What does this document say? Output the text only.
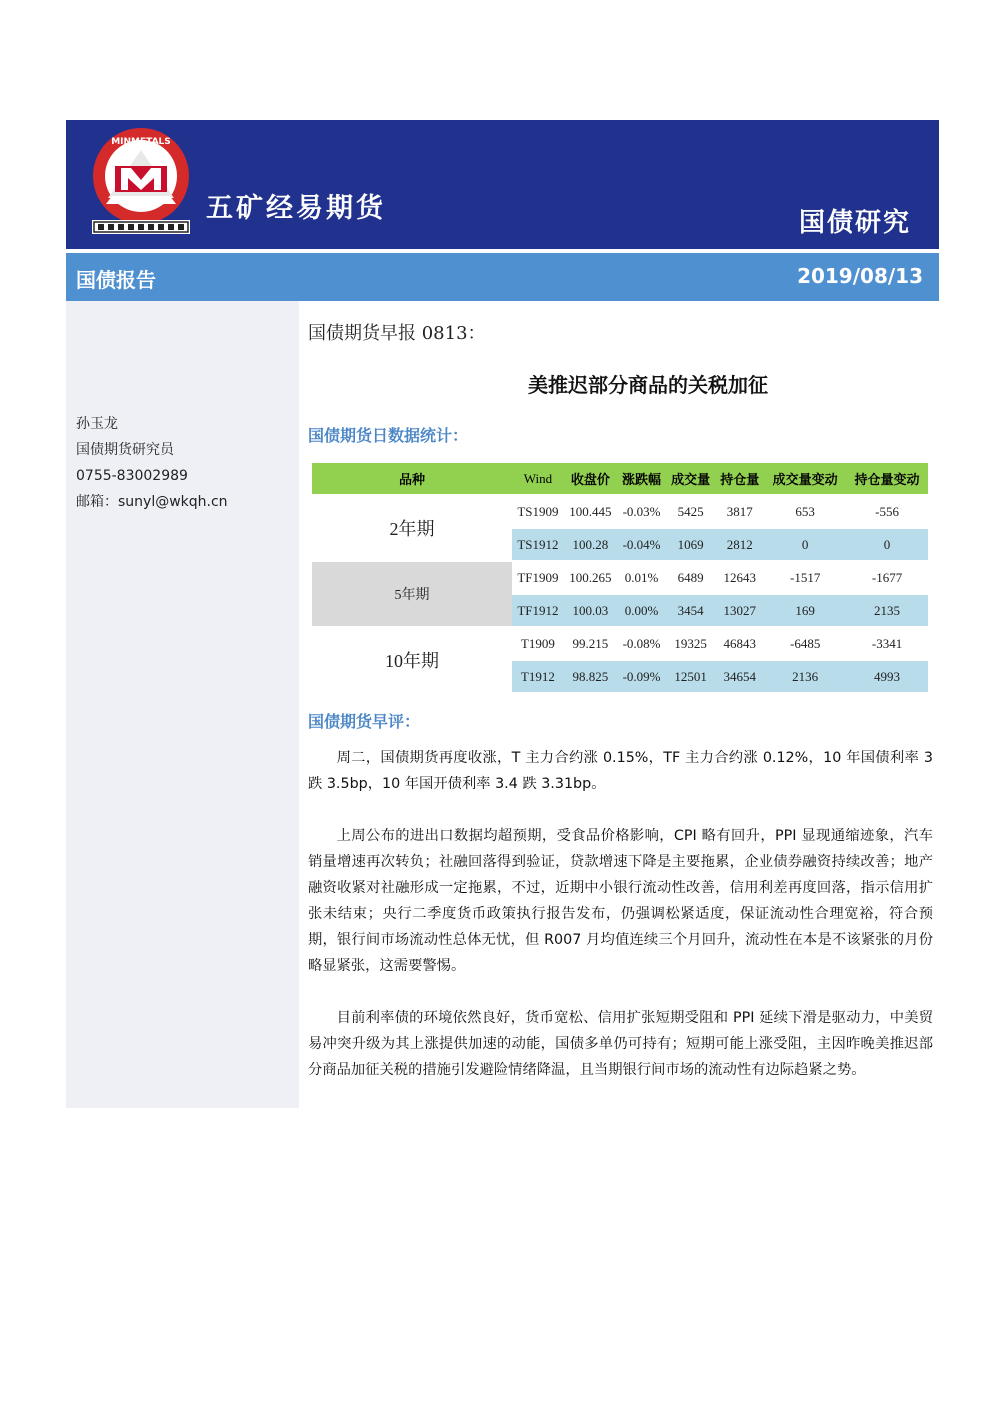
MINMETALS
五矿经易期货	国债研究
国债报告	2019/08/13
孙玉龙
国债期货研究员
0755-83002989
邮箱：sunyl@wkqh.cn
国债期货早报 0813：
美推迟部分商品的关税加征
国债期货日数据统计：
品种	Wind	收盘价	涨跌幅	成交量	持仓量	成交量变动	持仓量变动
2年期	TS1909	100.445	-0.03%	5425	3817	653	-556
	TS1912	100.28	-0.04%	1069	2812	0	0
5年期	TF1909	100.265	0.01%	6489	12643	-1517	-1677
	TF1912	100.03	0.00%	3454	13027	169	2135
10年期	T1909	99.215	-0.08%	19325	46843	-6485	-3341
	T1912	98.825	-0.09%	12501	34654	2136	4993
国债期货早评：
周二，国债期货再度收涨，T 主力合约涨 0.15%，TF 主力合约涨 0.12%，10 年国债利率 3 跌 3.5bp，10 年国开债利率 3.4 跌 3.31bp。
上周公布的进出口数据均超预期，受食品价格影响，CPI 略有回升，PPI 显现通缩迹象，汽车销量增速再次转负；社融回落得到验证，贷款增速下降是主要拖累，企业债券融资持续改善；地产融资收紧对社融形成一定拖累，不过，近期中小银行流动性改善，信用利差再度回落，指示信用扩张未结束；央行二季度货币政策执行报告发布，仍强调松紧适度，保证流动性合理宽裕，符合预期，银行间市场流动性总体无忧，但 R007 月均值连续三个月回升，流动性在本是不该紧张的月份略显紧张，这需要警惕。
目前利率债的环境依然良好，货币宽松、信用扩张短期受阻和 PPI 延续下滑是驱动力，中美贸易冲突升级为其上涨提供加速的动能，国债多单仍可持有；短期可能上涨受阻，主因昨晚美推迟部分商品加征关税的措施引发避险情绪降温，且当期银行间市场的流动性有边际趋紧之势。
